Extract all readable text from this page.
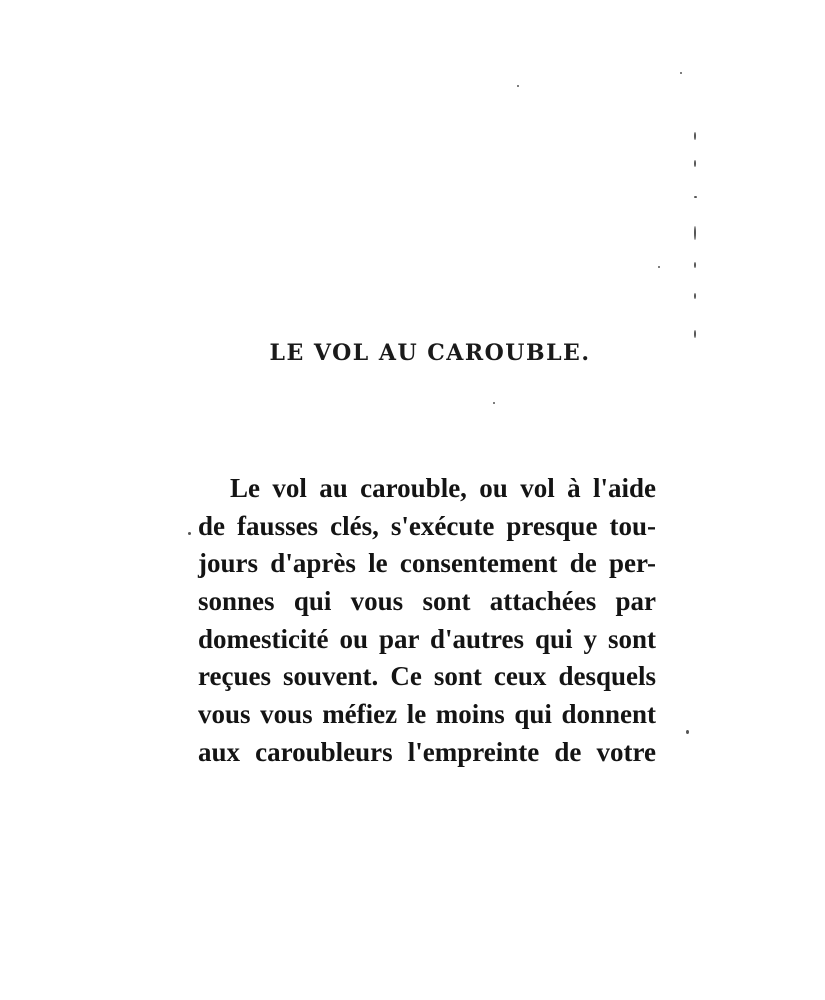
LE VOL AU CAROUBLE.
Le vol au carouble, ou vol à l'aide
de fausses clés, s'exécute presque tou-
jours d'après le consentement de per-
sonnes qui vous sont attachées par
domesticité ou par d'autres qui y sont
reçues souvent. Ce sont ceux desquels
vous vous méfiez le moins qui donnent
aux caroubleurs l'empreinte de votre
